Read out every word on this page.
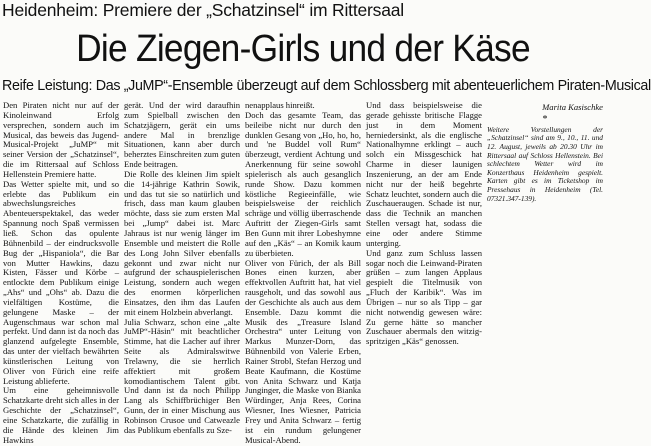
Heidenheim: Premiere der „Schatzinsel“ im Rittersaal
Die Ziegen-Girls und der Käse
Reife Leistung: Das „JuMP“-Ensemble überzeugt auf dem Schlossberg mit abenteuerlichem Piraten-Musical

Den Piraten nicht nur auf der Kinoleinwand Erfolg versprechen, sondern auch im Musical, das beweis das Jugend-Musical-Projekt „JuMP“ mit seiner Version der „Schatzinsel“, die im Rittersaal auf Schloss Hellenstein Premiere hatte.

Das Wetter spielte mit, und so erlebte das Publikum ein abwechslungsreiches Abenteuerspektakel, das weder Spannung noch Spaß vermissen ließ. Schon das opulente Bühnenbild – der eindrucksvolle Bug der „Hispaniola“, die Bar von Mutter Hawkins, dazu Kisten, Fässer und Körbe – entlockte dem Publikum einige „Ahs“ und „Ohs“ ab. Dazu die vielfältigen Kostüme, die gelungene Maske – der Augenschmaus war schon mal perfekt. Und dann ist da noch das glanzend aufgelegte Ensemble, das unter der vielfach bewährten künstlerischen Leitung von Oliver von Fürich eine reife Leistung ablieferte.

Um eine geheimnisvolle Schatzkarte dreht sich alles in der Geschichte der „Schatzinsel“, eine Schatzkarte, die zufällig in die Hände des kleinen Jim Hawkins

gerät. Und der wird daraufhin zum Spielball zwischen den Schatzjägern, gerät ein ums andere Mal in brenzlige Situationen, kann aber durch beherztes Einschreiten zum guten Ende beitragen.

Die Rolle des kleinen Jim spielt die 14-jährige Kathrin Sowik, und das tut sie so natürlich und frisch, dass man kaum glauben möchte, dass sie zum ersten Mal bei „Jump“ dabei ist. Marc Jahraus ist nur wenig länger im Ensemble und meistert die Rolle des Long John Silver ebenfalls gekonnt und zwar nicht nur aufgrund der schauspielerischen Leistung, sondern auch wegen des enormen körperlichen Einsatzes, den ihm das Laufen mit einem Holzbein abverlangt.

Julia Schwarz, schon eine „alte JuMP“-Häsin“ mit beachtlicher Stimme, hat die Lacher auf ihrer Seite als Admiralswitwe Trelawny, die sie herrlich affektiert mit großem komodiantischem Talent gibt. Und dann ist da noch Philipp Lang als Schiffbrüchiger Ben Gunn, der in einer Mischung aus Robinson Crusoe und Catweazle das Publikum ebenfalls zu Sze-

nenapplaus hinreißt.

Doch das gesamte Team, das beileibe nicht nur durch den dunklen Gesang von „Ho, ho, ho, und 'ne Buddel voll Rum“ überzeugt, verdient Achtung und Anerkennung für seine sowohl spielerisch als auch gesanglich runde Show. Dazu kommen köstliche Regieeinfälle, wie beispielsweise der reichlich schräge und völlig überraschende Auftritt der Ziegen-Girls samt Ben Gunn mit ihrer Lobeshymne auf den „Käs“ – an Komik kaum zu überbieten.

Oliver von Fürich, der als Bill Bones einen kurzen, aber effektvollen Auftritt hat, hat viel rausgeholt, und das sowohl aus der Geschichte als auch aus dem Ensemble. Dazu kommt die Musik des „Treasure Island Orchestra“ unter Leitung von Markus Munzer-Dorn, das Bühnenbild von Valerie Erben, Rainer Strobl, Stefan Herzog und Beate Kaufmann, die Kostüme von Anita Schwarz und Katja Junginger, die Maske von Bianka Würdinger, Anja Rees, Corina Wiesner, Ines Wiesner, Patricia Frey und Anita Schwarz – fertig ist ein rundum gelungener Musical-Abend.

Und dass beispielsweise die gerade gehisste britische Flagge just in dem Moment herniedersinkt, als die englische Nationalhymne erklingt – auch solch ein Missgeschick hat Charme in dieser launigen Inszenierung, an der am Ende nicht nur der heiß begehrte Schatz leuchtet, sondern auch die Zuschaueraugen. Schade ist nur, dass die Technik an manchen Stellen versagt hat, sodass die eine oder andere Stimme unterging.

Und ganz zum Schluss lassen sogar noch die Leinwand-Piraten grüßen – zum langen Applaus gespielt die Titelmusik von „Fluch der Karibik“. Was im Übrigen – nur so als Tipp – gar nicht notwendig gewesen wäre: Zu gerne hätte so mancher Zuschauer abermals den witzig-spritzigen „Käs“ genossen.

Marita Kasischke
*
Weitere Vorstellungen der „Schatzinsel“ sind am 9., 10., 11. und 12. August, jeweils ab 20.30 Uhr im Rittersaal auf Schloss Hellenstein. Bei schlechtem Wetter wird im Konzerthaus Heidenheim gespielt. Karten gibt es im Ticketshop im Pressehaus in Heidenheim (Tel. 07321.347-139).
